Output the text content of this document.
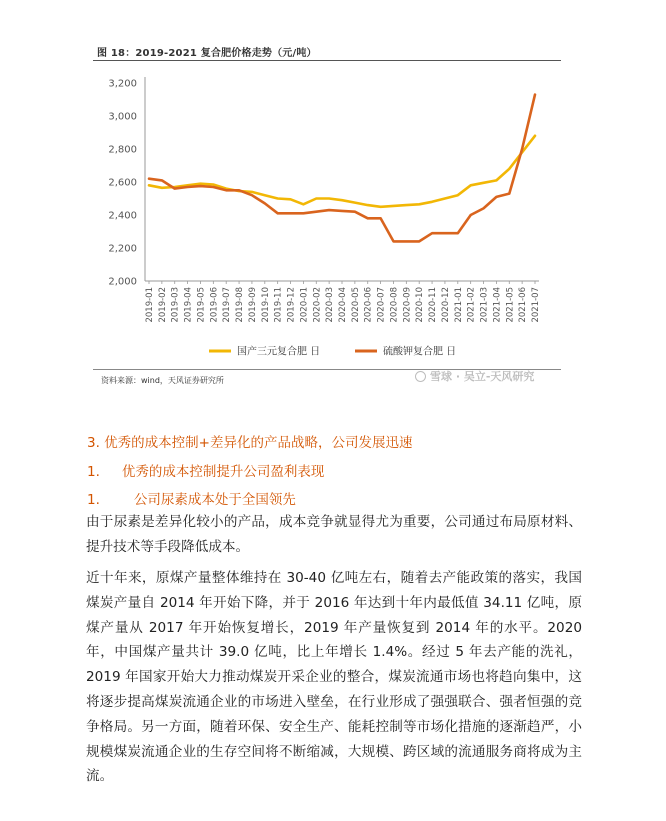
图 18：2019-2021 复合肥价格走势（元/吨）
2,000
2,200
2,400
2,600
2,800
3,000
3,200
2019-01 2019-02 2019-03 2019-04 2019-05 2019-06 2019-07 2019-08 2019-09 2019-10 2019-11 2019-12 2020-01 2020-02 2020-03 2020-04 2020-05 2020-06 2020-07 2020-08 2020-09 2020-10 2020-11 2020-12 2021-01 2021-02 2021-03 2021-04 2021-05 2021-06 2021-07
国产三元复合肥 日	硫酸钾复合肥 日
资料来源：wind，天风证券研究所	雪球 · 吴立-天风研究
3. 优秀的成本控制+差异化的产品战略，公司发展迅速
1. 优秀的成本控制提升公司盈利表现
1.	公司尿素成本处于全国领先

由于尿素是差异化较小的产品，成本竞争就显得尤为重要，公司通过布局原材料、提升技术等手段降低成本。

近十年来，原煤产量整体维持在 30-40 亿吨左右，随着去产能政策的落实，我国煤炭产量自 2014 年开始下降，并于 2016 年达到十年内最低值 34.11 亿吨，原煤产量从 2017 年开始恢复增长，2019 年产量恢复到 2014 年的水平。2020 年，中国煤产量共计 39.0 亿吨，比上年增长 1.4%。经过 5 年去产能的洗礼，2019 年国家开始大力推动煤炭开采企业的整合，煤炭流通市场也将趋向集中，这将逐步提高煤炭流通企业的市场进入壁垒，在行业形成了强强联合、强者恒强的竞争格局。另一方面，随着环保、安全生产、能耗控制等市场化措施的逐渐趋严，小规模煤炭流通企业的生存空间将不断缩减，大规模、跨区域的流通服务商将成为主流。
